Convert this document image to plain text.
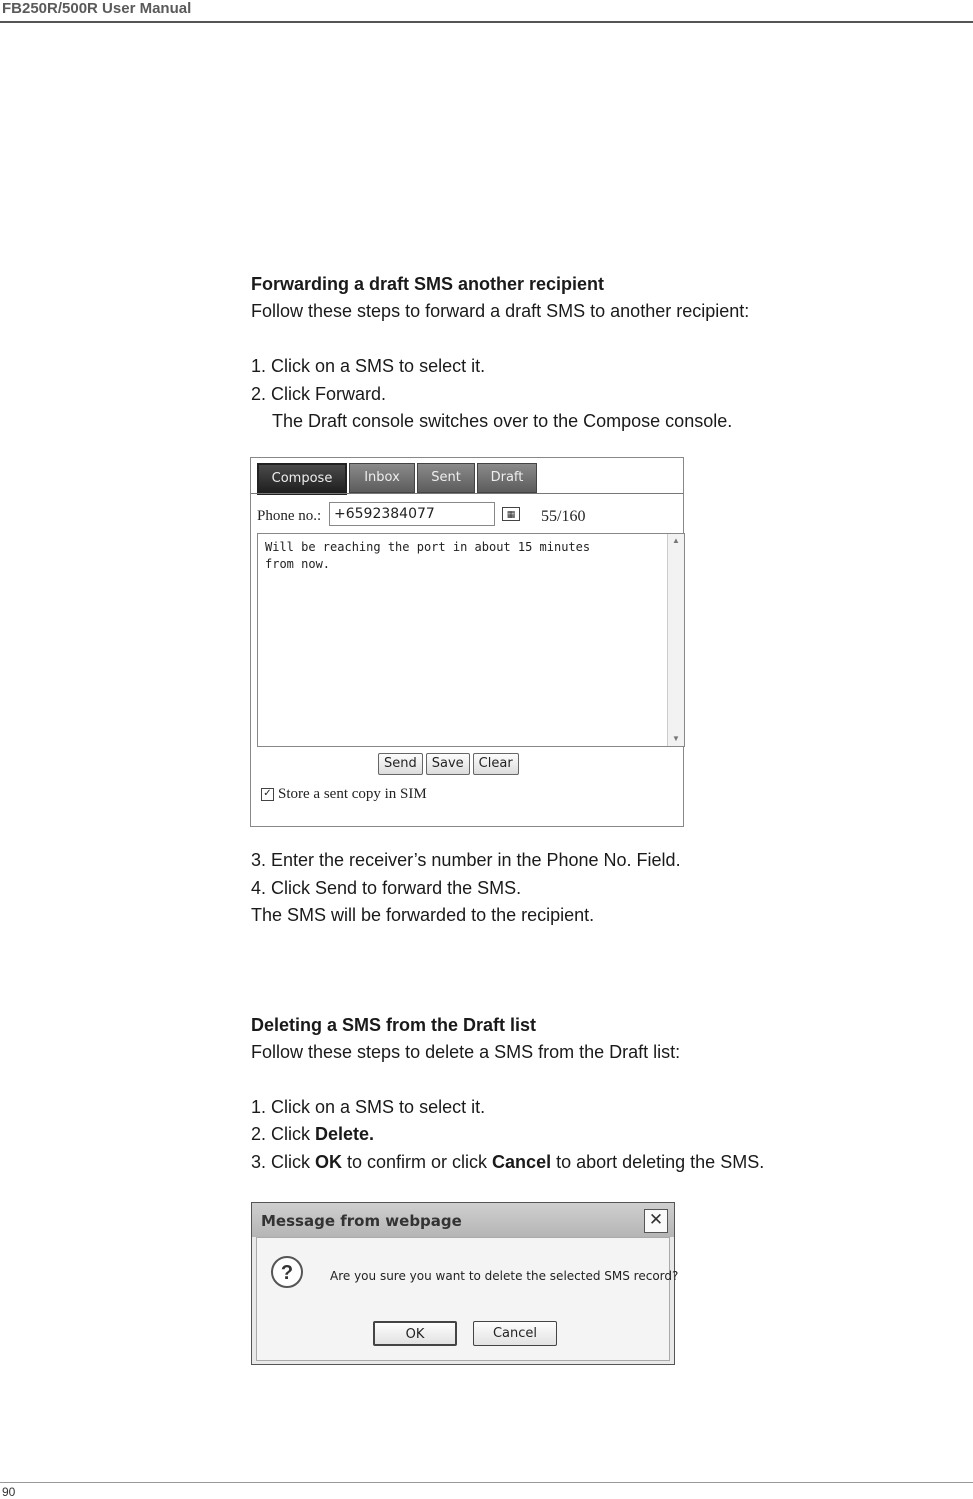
FB250R/500R User Manual
Forwarding a draft SMS another recipient
Follow these steps to forward a draft SMS to another recipient:
1. Click on a SMS to select it.
2. Click Forward.
The Draft console switches over to the Compose console.
Compose	Inbox	Sent	Draft
Phone no.: +6592384077	▦ 55/160
Will be reaching the port in about 15 minutes
from now.
▲
▼
Send	Save	Clear
✓ Store a sent copy in SIM
3. Enter the receiver’s number in the Phone No. Field.
4. Click Send to forward the SMS.
The SMS will be forwarded to the recipient.
Deleting a SMS from the Draft list
Follow these steps to delete a SMS from the Draft list:
1. Click on a SMS to select it.
2. Click Delete.
3. Click OK to confirm or click Cancel to abort deleting the SMS.
Message from webpage	✕
?	Are you sure you want to delete the selected SMS record?
OK	Cancel
90
